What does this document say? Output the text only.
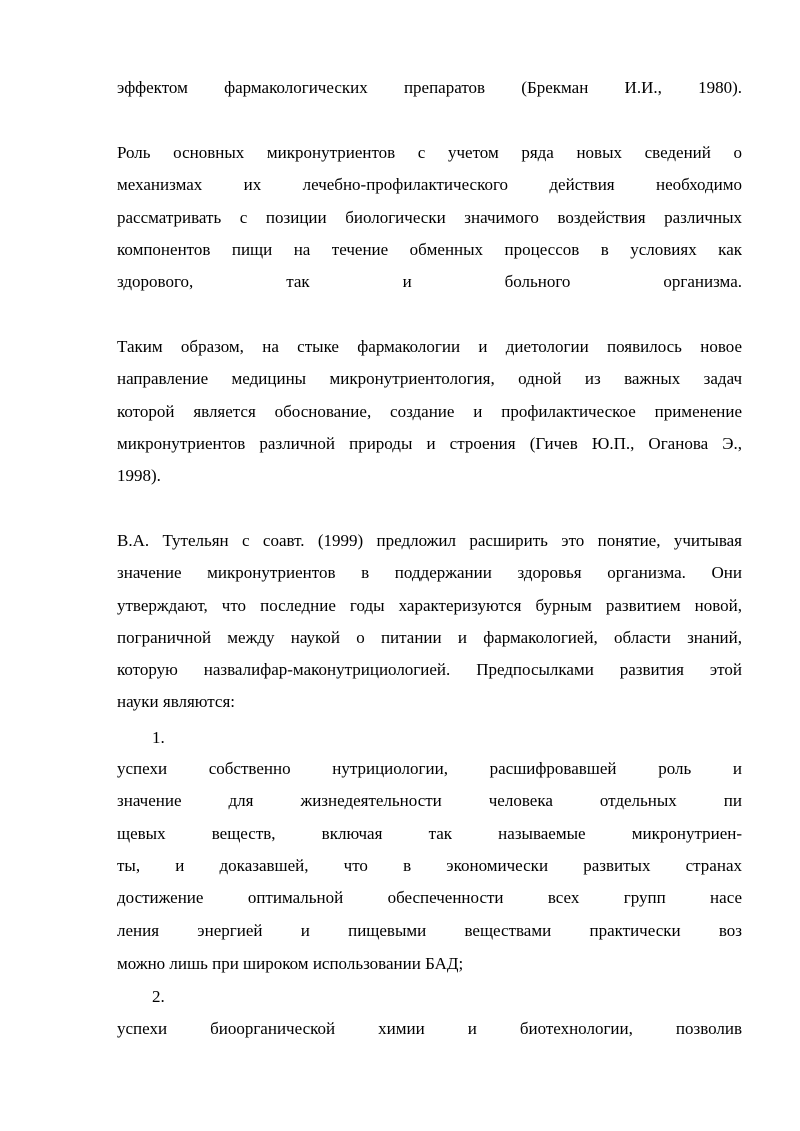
эффектом фармакологических препаратов (Брекман И.И., 1980).
Роль основных микронутриентов с учетом ряда новых сведений о
механизмах их лечебно-профилактического действия необходимо
рассматривать с позиции биологически значимого воздействия различных
компонентов пищи на течение обменных процессов в условиях как
здорового, так и больного организма.
Таким образом, на стыке фармакологии и диетологии появилось новое
направление медицины микронутриентология, одной из важных задач
которой является обоснование, создание и профилактическое применение
микронутриентов различной природы и строения (Гичев Ю.П., Оганова Э.,
1998).
В.А. Тутельян с соавт. (1999) предложил расширить это понятие, учитывая
значение микронутриентов в поддержании здоровья организма. Они
утверждают, что последние годы характеризуются бурным развитием новой,
пограничной между наукой о питании и фармакологией, области знаний,
которую назвалифар-маконутрициологией. Предпосылками развития этой
науки являются:
1.
успехи собственно нутрициологии, расшифровавшей роль и
значение для жизнедеятельности человека отдельных пи
щевых веществ, включая так называемые микронутриен-
ты, и доказавшей, что в экономически развитых странах
достижение оптимальной обеспеченности всех групп насе
ления энергией и пищевыми веществами практически воз
можно лишь при широком использовании БАД;
2.
успехи биоорганической химии и биотехнологии, позволив
